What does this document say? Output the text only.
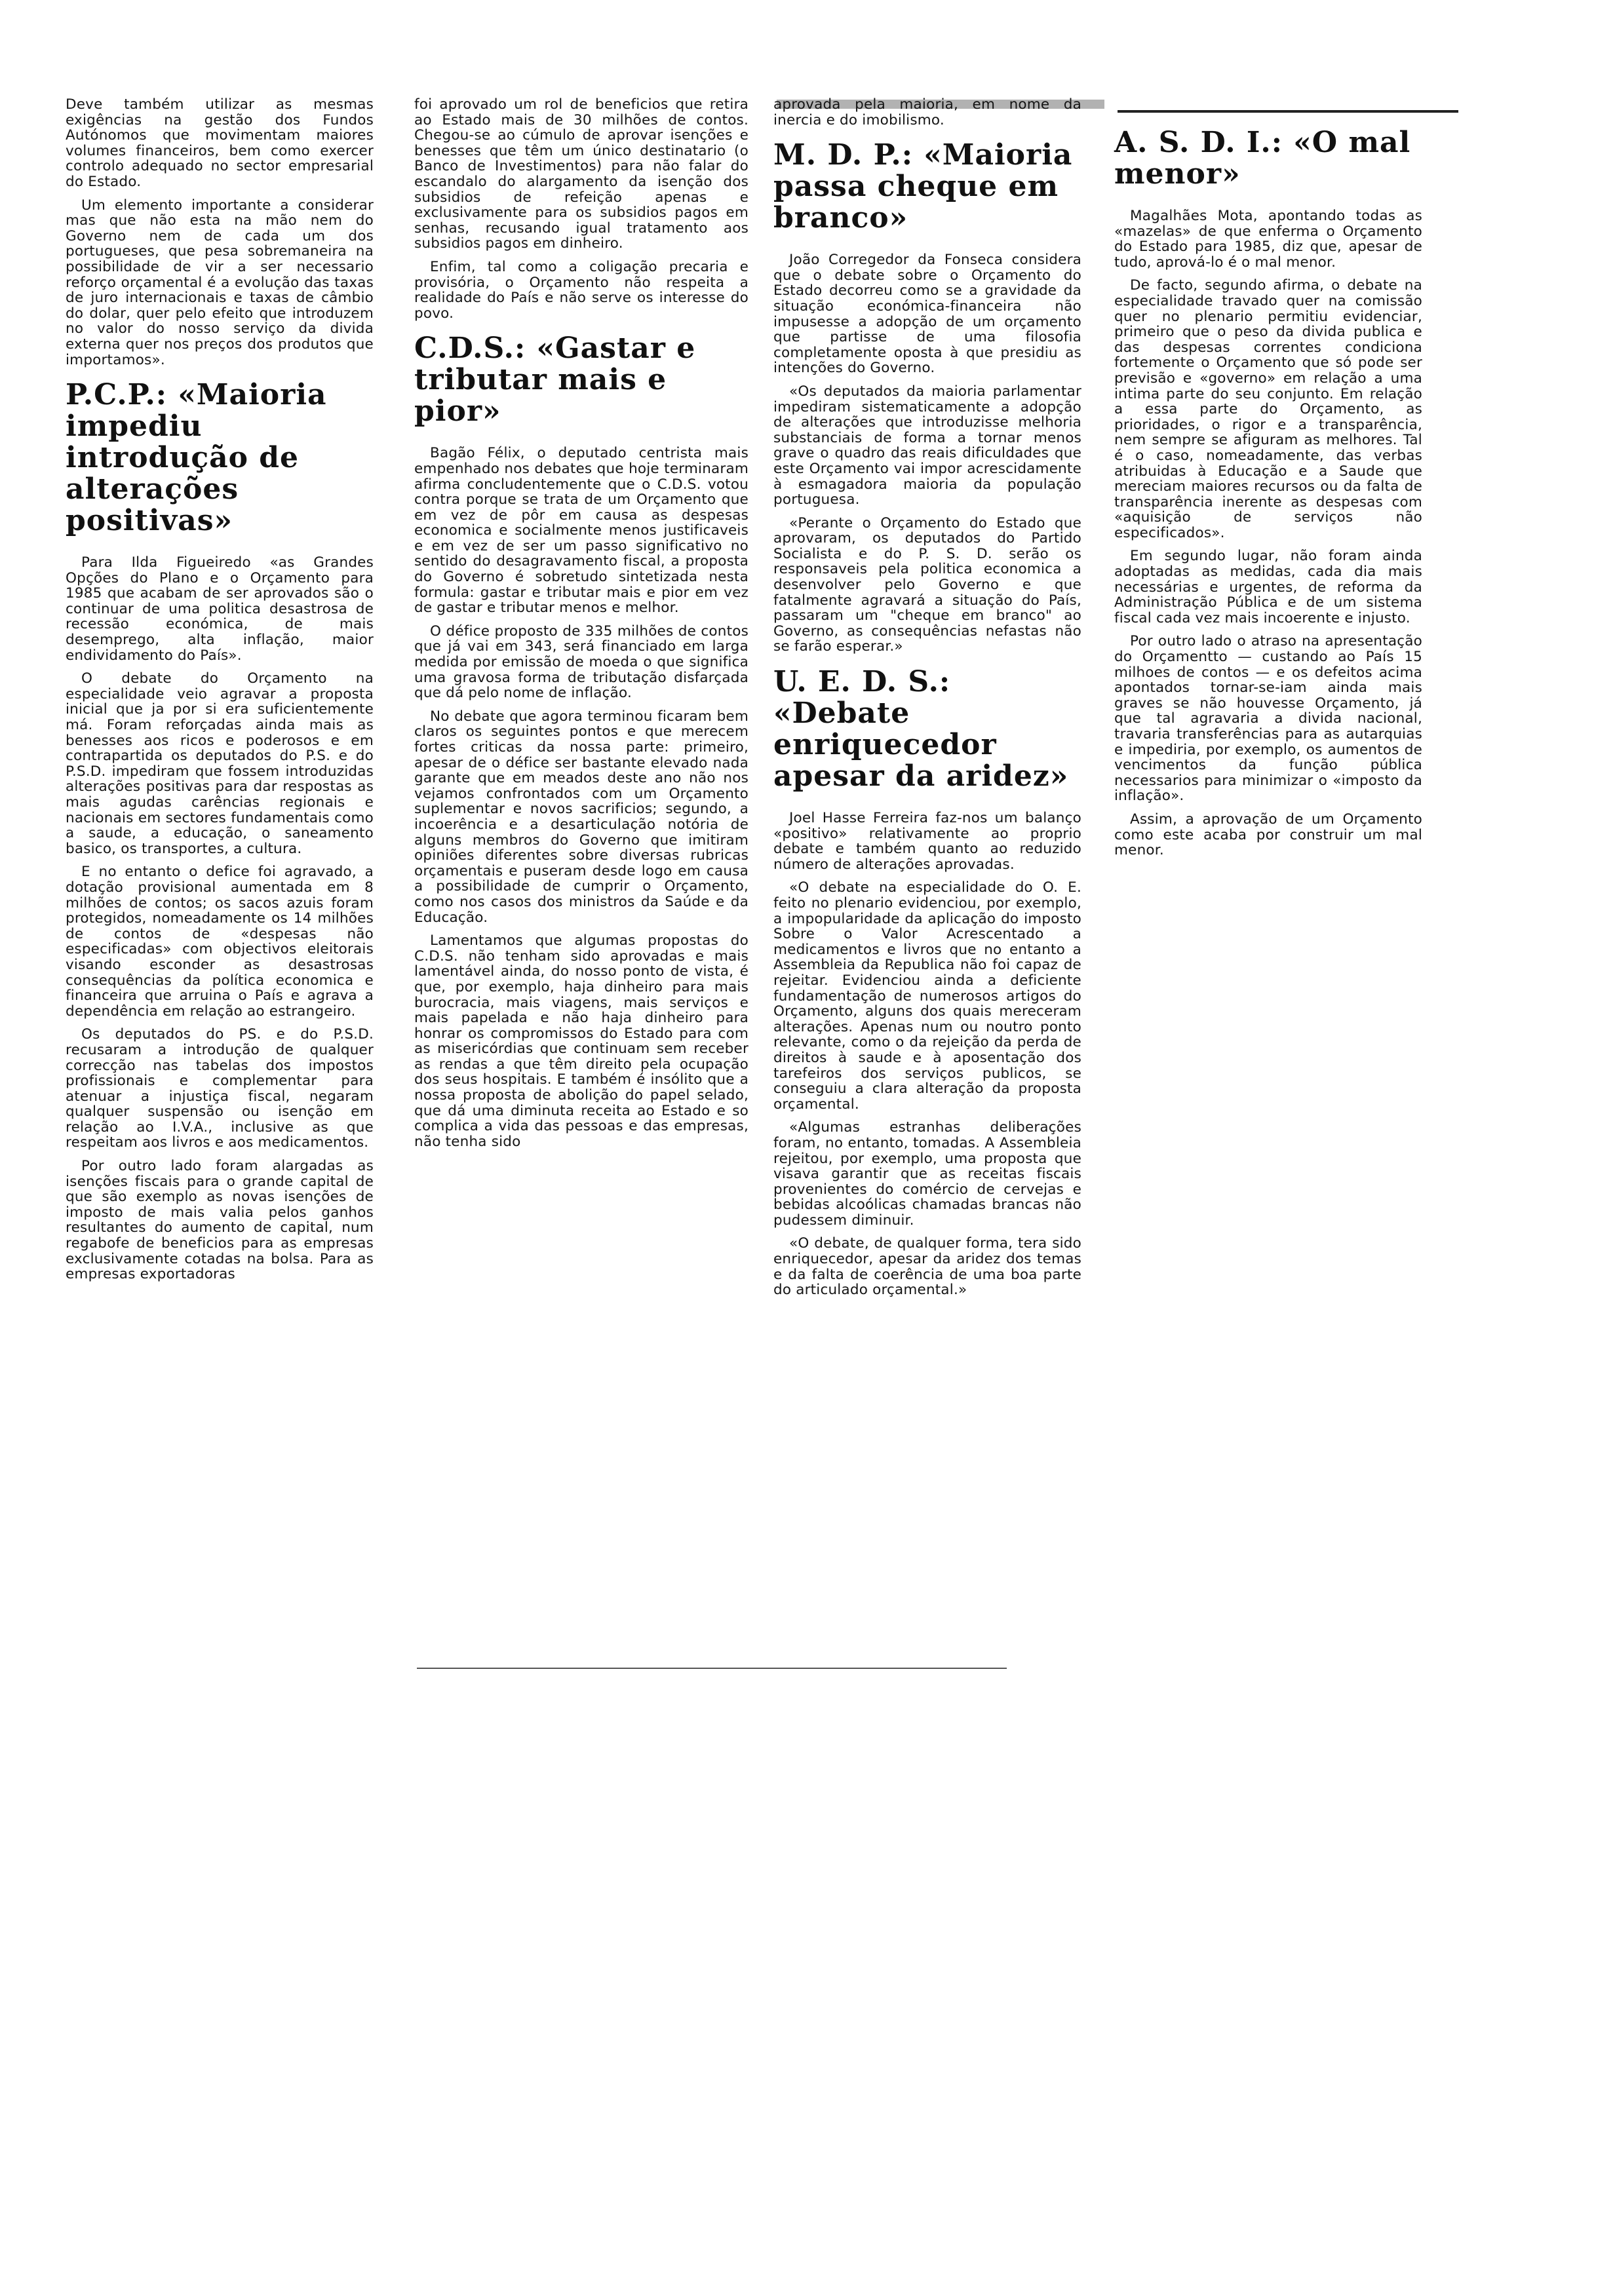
Deve também utilizar as mesmas exigências na gestão dos Fundos Autónomos que movimentam maiores volumes financeiros, bem como exercer controlo adequado no sector empresarial do Estado.

Um elemento importante a considerar mas que não esta na mão nem do Governo nem de cada um dos portugueses, que pesa sobremaneira na possibilidade de vir a ser necessario reforço orçamental é a evolução das taxas de juro internacionais e taxas de câmbio do dolar, quer pelo efeito que introduzem no valor do nosso serviço da divida externa quer nos preços dos produtos que importamos».

P.C.P.: «Maioria impediu introdução de alterações positivas»

Para Ilda Figueiredo «as Grandes Opções do Plano e o Orçamento para 1985 que acabam de ser aprovados são o continuar de uma politica desastrosa de recessão económica, de mais desemprego, alta inflação, maior endividamento do País».

O debate do Orçamento na especialidade veio agravar a proposta inicial que ja por si era suficientemente má. Foram reforçadas ainda mais as benesses aos ricos e poderosos e em contrapartida os deputados do P.S. e do P.S.D. impediram que fossem introduzidas alterações positivas para dar respostas as mais agudas carências regionais e nacionais em sectores fundamentais como a saude, a educação, o saneamento basico, os transportes, a cultura.

E no entanto o defice foi agravado, a dotação provisional aumentada em 8 milhões de contos; os sacos azuis foram protegidos, nomeadamente os 14 milhões de contos de «despesas não especificadas» com objectivos eleitorais visando esconder as desastrosas consequências da política economica e financeira que arruina o País e agrava a dependência em relação ao estrangeiro.

Os deputados do PS. e do P.S.D. recusaram a introdução de qualquer correcção nas tabelas dos impostos profissionais e complementar para atenuar a injustiça fiscal, negaram qualquer suspensão ou isenção em relação ao I.V.A., inclusive as que respeitam aos livros e aos medicamentos.

Por outro lado foram alargadas as isenções fiscais para o grande capital de que são exemplo as novas isenções de imposto de mais valia pelos ganhos resultantes do aumento de capital, num regabofe de beneficios para as empresas exclusivamente cotadas na bolsa. Para as empresas exportadoras

foi aprovado um rol de beneficios que retira ao Estado mais de 30 milhões de contos. Chegou-se ao cúmulo de aprovar isenções e benesses que têm um único destinatario (o Banco de Investimentos) para não falar do escandalo do alargamento da isenção dos subsidios de refeição apenas e exclusivamente para os subsidios pagos em senhas, recusando igual tratamento aos subsidios pagos em dinheiro.

Enfim, tal como a coligação precaria e provisória, o Orçamento não respeita a realidade do País e não serve os interesse do povo.

C.D.S.: «Gastar e tributar mais e pior»

Bagão Félix, o deputado centrista mais empenhado nos debates que hoje terminaram afirma concludentemente que o C.D.S. votou contra porque se trata de um Orçamento que em vez de pôr em causa as despesas economica e socialmente menos justificaveis e em vez de ser um passo significativo no sentido do desagravamento fiscal, a proposta do Governo é sobretudo sintetizada nesta formula: gastar e tributar mais e pior em vez de gastar e tributar menos e melhor.

O défice proposto de 335 milhões de contos que já vai em 343, será financiado em larga medida por emissão de moeda o que significa uma gravosa forma de tributação disfarçada que dá pelo nome de inflação.

No debate que agora terminou ficaram bem claros os seguintes pontos e que merecem fortes criticas da nossa parte: primeiro, apesar de o défice ser bastante elevado nada garante que em meados deste ano não nos vejamos confrontados com um Orçamento suplementar e novos sacrificios; segundo, a incoerência e a desarticulação notória de alguns membros do Governo que imitiram opiniões diferentes sobre diversas rubricas orçamentais e puseram desde logo em causa a possibilidade de cumprir o Orçamento, como nos casos dos ministros da Saúde e da Educação.

Lamentamos que algumas propostas do C.D.S. não tenham sido aprovadas e mais lamentável ainda, do nosso ponto de vista, é que, por exemplo, haja dinheiro para mais burocracia, mais viagens, mais serviços e mais papelada e não haja dinheiro para honrar os compromissos do Estado para com as misericórdias que continuam sem receber as rendas a que têm direito pela ocupação dos seus hospitais. E também é insólito que a nossa proposta de abolição do papel selado, que dá uma diminuta receita ao Estado e so complica a vida das pessoas e das empresas, não tenha sido

aprovada pela maioria, em nome da inercia e do imobilismo.

M. D. P.: «Maioria passa cheque em branco»

João Corregedor da Fonseca considera que o debate sobre o Orçamento do Estado decorreu como se a gravidade da situação económica-financeira não impusesse a adopção de um orçamento que partisse de uma filosofia completamente oposta à que presidiu as intenções do Governo.

«Os deputados da maioria parlamentar impediram sistematicamente a adopção de alterações que introduzisse melhoria substanciais de forma a tornar menos grave o quadro das reais dificuldades que este Orçamento vai impor acrescidamente à esmagadora maioria da população portuguesa.

«Perante o Orçamento do Estado que aprovaram, os deputados do Partido Socialista e do P. S. D. serão os responsaveis pela politica economica a desenvolver pelo Governo e que fatalmente agravará a situação do País, passaram um "cheque em branco" ao Governo, as consequências nefastas não se farão esperar.»

U. E. D. S.: «Debate enriquecedor apesar da aridez»

Joel Hasse Ferreira faz-nos um balanço «positivo» relativamente ao proprio debate e também quanto ao reduzido número de alterações aprovadas.

«O debate na especialidade do O. E. feito no plenario evidenciou, por exemplo, a impopularidade da aplicação do imposto Sobre o Valor Acrescentado a medicamentos e livros que no entanto a Assembleia da Republica não foi capaz de rejeitar. Evidenciou ainda a deficiente fundamentação de numerosos artigos do Orçamento, alguns dos quais mereceram alterações. Apenas num ou noutro ponto relevante, como o da rejeição da perda de direitos à saude e à aposentação dos tarefeiros dos serviços publicos, se conseguiu a clara alteração da proposta orçamental.

«Algumas estranhas deliberações foram, no entanto, tomadas. A Assembleia rejeitou, por exemplo, uma proposta que visava garantir que as receitas fiscais provenientes do comércio de cervejas e bebidas alcoólicas chamadas brancas não pudessem diminuir.

«O debate, de qualquer forma, tera sido enriquecedor, apesar da aridez dos temas e da falta de coerência de uma boa parte do articulado orçamental.»

A. S. D. I.: «O mal menor»

Magalhães Mota, apontando todas as «mazelas» de que enferma o Orçamento do Estado para 1985, diz que, apesar de tudo, aprová-lo é o mal menor.

De facto, segundo afirma, o debate na especialidade travado quer na comissão quer no plenario permitiu evidenciar, primeiro que o peso da divida publica e das despesas correntes condiciona fortemente o Orçamento que só pode ser previsão e «governo» em relação a uma intima parte do seu conjunto. Em relação a essa parte do Orçamento, as prioridades, o rigor e a transparência, nem sempre se afiguram as melhores. Tal é o caso, nomeadamente, das verbas atribuidas à Educação e a Saude que mereciam maiores recursos ou da falta de transparência inerente as despesas com «aquisição de serviços não especificados».

Em segundo lugar, não foram ainda adoptadas as medidas, cada dia mais necessárias e urgentes, de reforma da Administração Pública e de um sistema fiscal cada vez mais incoerente e injusto.

Por outro lado o atraso na apresentação do Orçamentto — custando ao País 15 milhoes de contos — e os defeitos acima apontados tornar-se-iam ainda mais graves se não houvesse Orçamento, já que tal agravaria a divida nacional, travaria transferências para as autarquias e impediria, por exemplo, os aumentos de vencimentos da função pública necessarios para minimizar o «imposto da inflação».

Assim, a aprovação de um Orçamento como este acaba por construir um mal menor.
